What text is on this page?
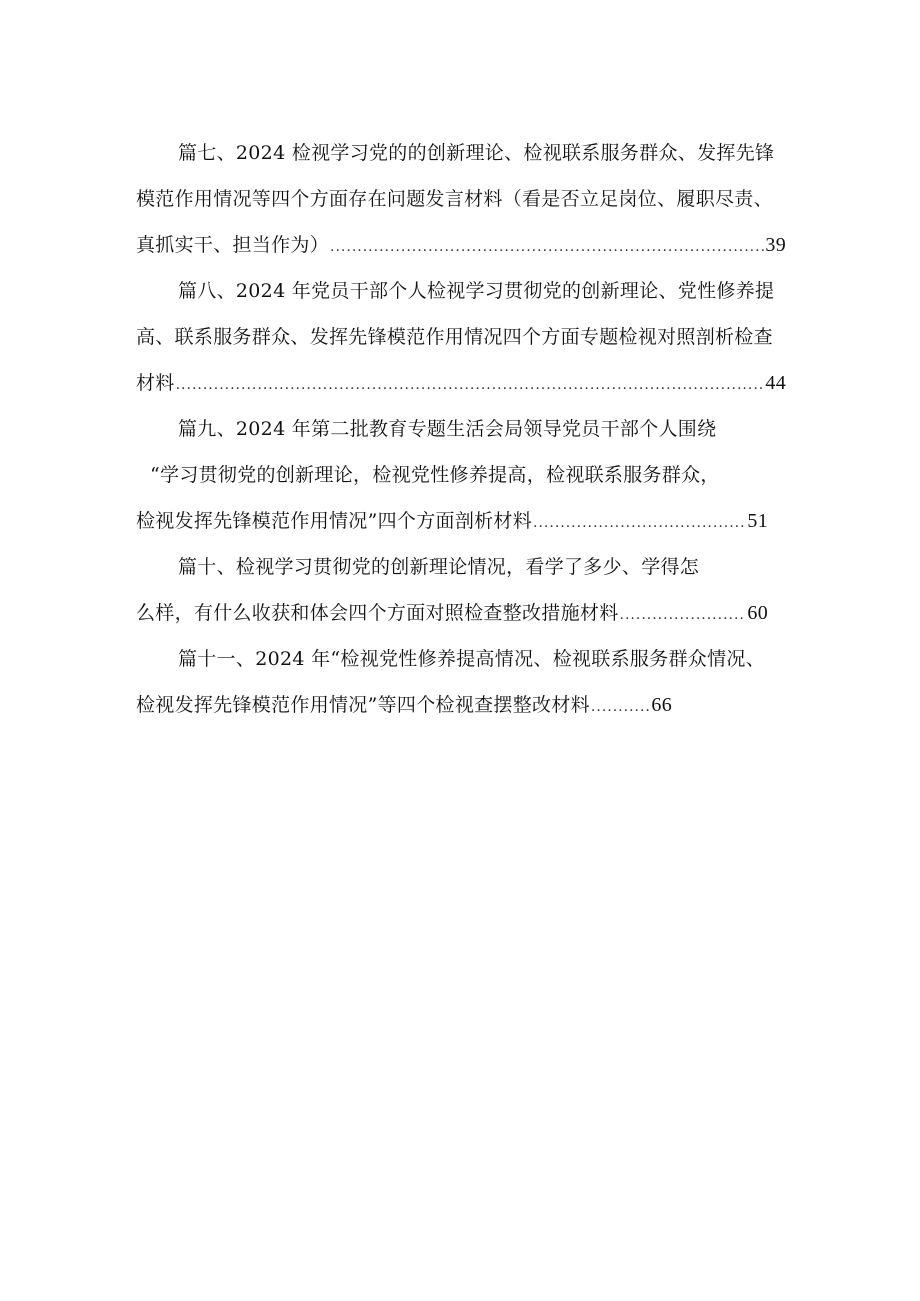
篇七、2024 检视学习党的的创新理论、检视联系服务群众、发挥先锋
模范作用情况等四个方面存在问题发言材料（看是否立足岗位、履职尽责、
真抓实干、担当作为） .....	39
篇八、2024 年党员干部个人检视学习贯彻党的创新理论、党性修养提
高、联系服务群众、发挥先锋模范作用情况四个方面专题检视对照剖析检查
材料 .....	44
篇九、2024 年第二批教育专题生活会局领导党员干部个人围绕
“学习贯彻党的创新理论，检视党性修养提高，检视联系服务群众，
检视发挥先锋模范作用情况”四个方面剖析材料 .....	51
篇十、检视学习贯彻党的创新理论情况，看学了多少、学得怎
么样，有什么收获和体会四个方面对照检查整改措施材料 .....	60
篇十一、2024 年“检视党性修养提高情况、检视联系服务群众情况、
检视发挥先锋模范作用情况”等四个检视查摆整改材料 .....	66
